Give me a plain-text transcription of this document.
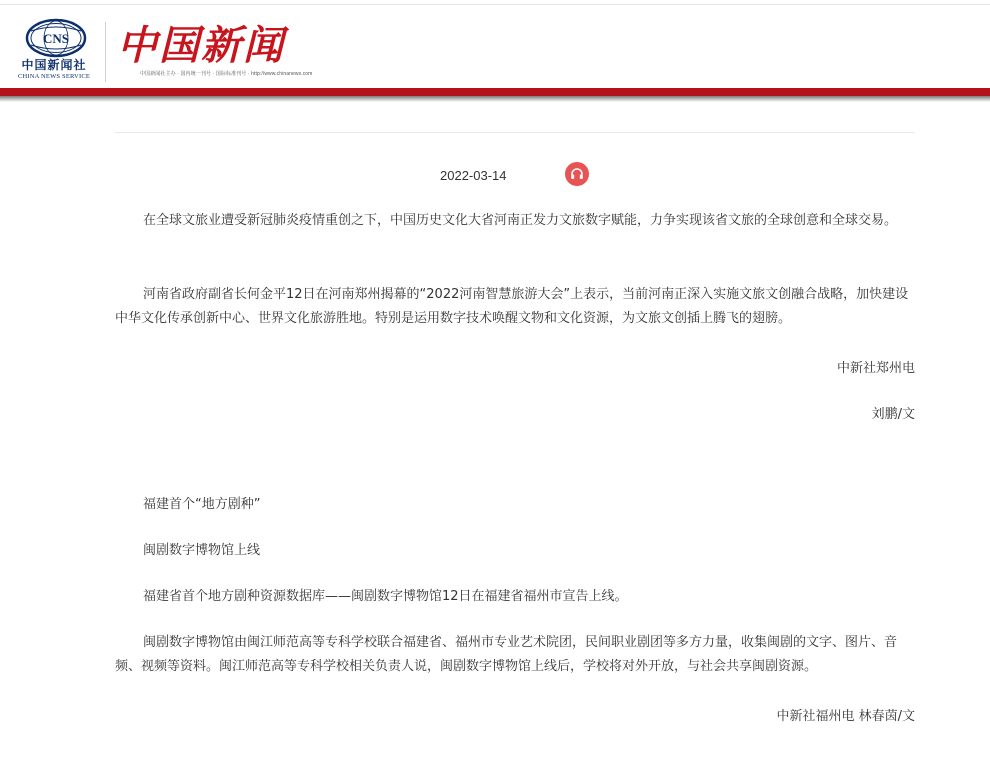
CNS
中国新闻社
CHINA NEWS SERVICE
中国新闻
中国新闻社主办 · 国内统一刊号 · 国际标准刊号 · http://www.chinanews.com
2022-03-14

在全球文旅业遭受新冠肺炎疫情重创之下，中国历史文化大省河南正发力文旅数字赋能，力争实现该省文旅的全球创意和全球交易。

河南省政府副省长何金平12日在河南郑州揭幕的“2022河南智慧旅游大会”上表示，当前河南正深入实施文旅文创融合战略，加快建设中华文化传承创新中心、世界文化旅游胜地。特别是运用数字技术唤醒文物和文化资源，为文旅文创插上腾飞的翅膀。

中新社郑州电
刘鹏/文

福建首个“地方剧种”

闽剧数字博物馆上线

福建省首个地方剧种资源数据库——闽剧数字博物馆12日在福建省福州市宣告上线。

闽剧数字博物馆由闽江师范高等专科学校联合福建省、福州市专业艺术院团，民间职业剧团等多方力量，收集闽剧的文字、图片、音频、视频等资料。闽江师范高等专科学校相关负责人说，闽剧数字博物馆上线后，学校将对外开放，与社会共享闽剧资源。

中新社福州电 林春茵/文
